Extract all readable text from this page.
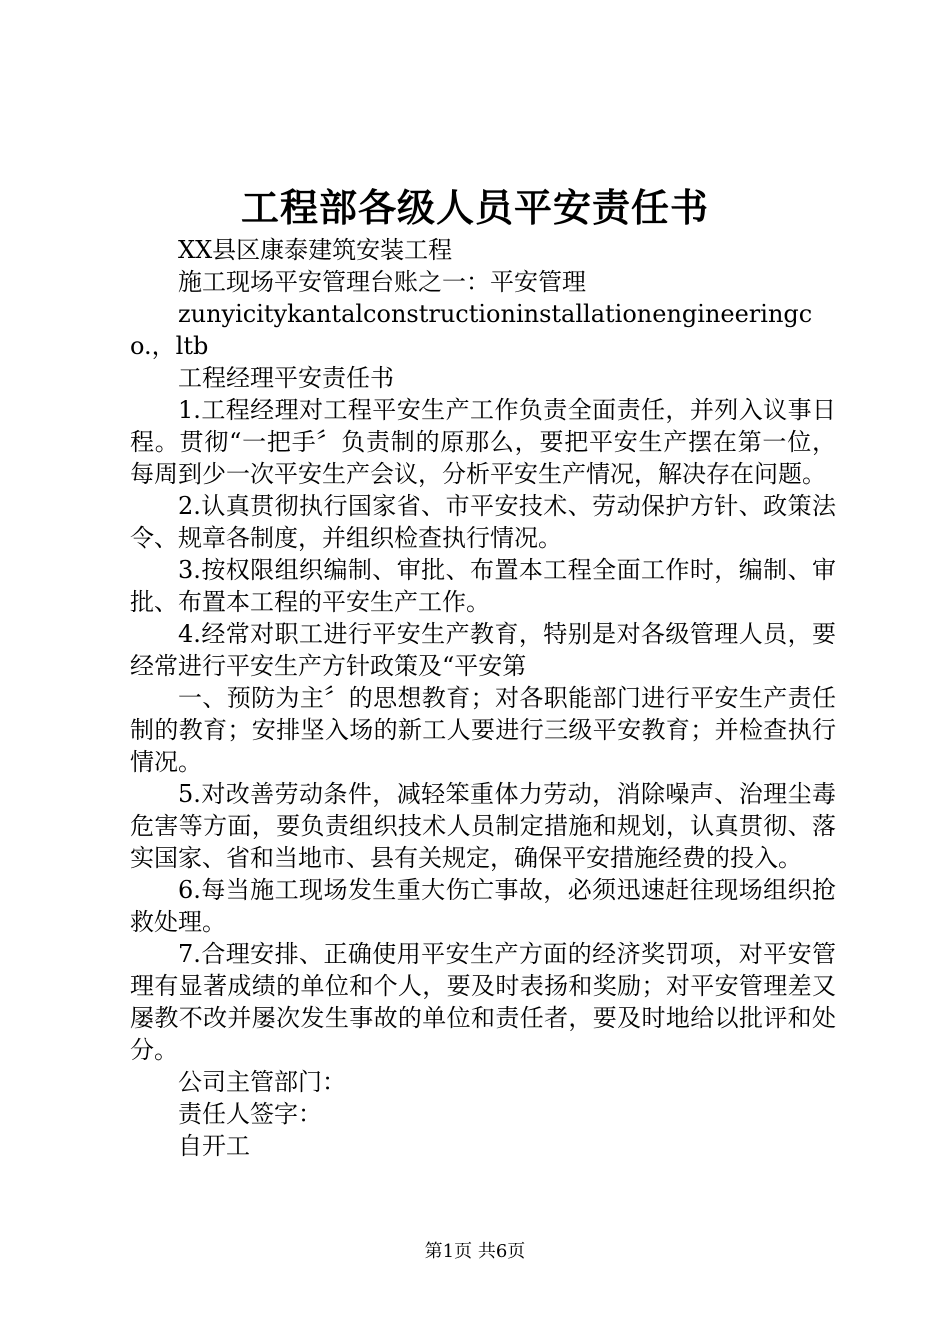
工程部各级人员平安责任书

XX县区康泰建筑安装工程

施工现场平安管理台账之一：平安管理

zunyicitykantalconstructioninstallationengineeringco.，ltb

工程经理平安责任书

1.工程经理对工程平安生产工作负责全面责任，并列入议事日程。贯彻“一把手〞负责制的原那么，要把平安生产摆在第一位，每周到少一次平安生产会议，分析平安生产情况，解决存在问题。

2.认真贯彻执行国家省、市平安技术、劳动保护方针、政策法令、规章各制度，并组织检查执行情况。

3.按权限组织编制、审批、布置本工程全面工作时，编制、审批、布置本工程的平安生产工作。

4.经常对职工进行平安生产教育，特别是对各级管理人员，要经常进行平安生产方针政策及“平安第

一、预防为主〞的思想教育；对各职能部门进行平安生产责任制的教育；安排坚入场的新工人要进行三级平安教育；并检查执行情况。

5.对改善劳动条件，减轻笨重体力劳动，消除噪声、治理尘毒危害等方面，要负责组织技术人员制定措施和规划，认真贯彻、落实国家、省和当地市、县有关规定，确保平安措施经费的投入。

6.每当施工现场发生重大伤亡事故，必须迅速赶往现场组织抢救处理。

7.合理安排、正确使用平安生产方面的经济奖罚项，对平安管理有显著成绩的单位和个人，要及时表扬和奖励；对平安管理差又屡教不改并屡次发生事故的单位和责任者，要及时地给以批评和处分。

公司主管部门：

责任人签字：

自开工

第1页 共6页
